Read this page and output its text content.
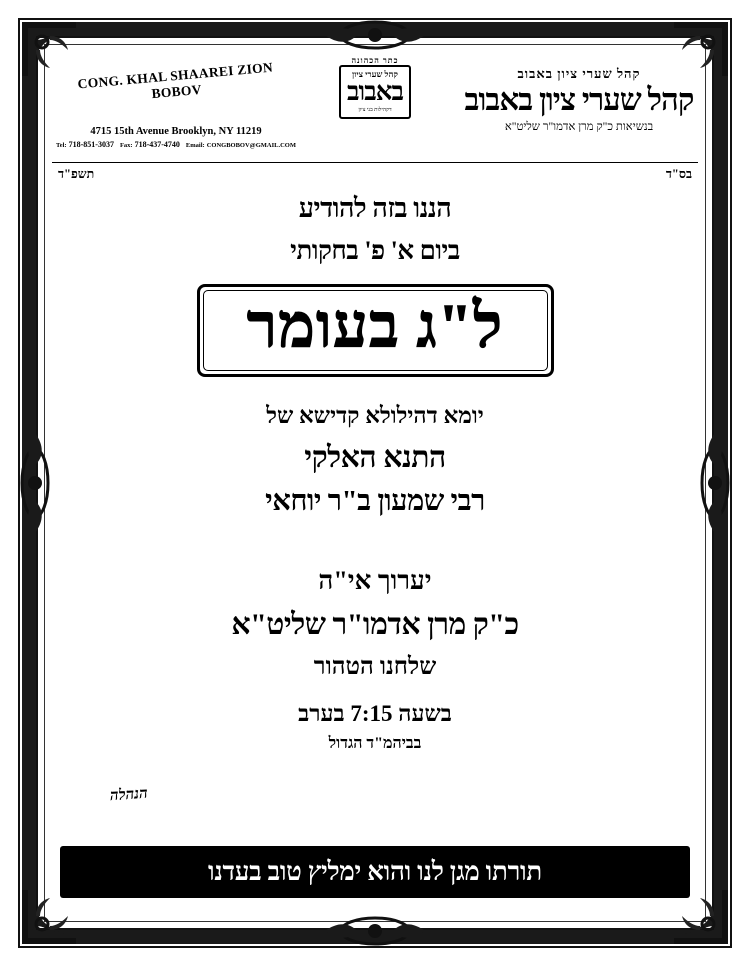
קהל שערי ציון באבוב
קהל שערי ציון באבוב
בנשיאות כ"ק מרן אדמו"ר שליט"א
כתר הכהונה
קהל שערי ציון
באבוב
דקהילות בני ציון
CONG. KHAL SHAAREI ZION BOBOV
4715 15th Avenue Brooklyn, NY 11219
Tel: 718-851-3037 Fax: 718-437-4740 Email: CONGBOBOV@GMAIL.COM
בס"ד
תשפ"ד
הננו בזה להודיע
ביום א' פ' בחקותי
ל"ג בעומר
יומא דהילולא קדישא של
התנא האלקי
רבי שמעון ב"ר יוחאי
יערוך אי"ה
כ"ק מרן אדמו"ר שליט"א
שלחנו הטהור
בשעה 7:15 בערב
בביהמ"ד הגדול
הנהלה
תורתו מגן לנו והוא ימליץ טוב בעדנו
